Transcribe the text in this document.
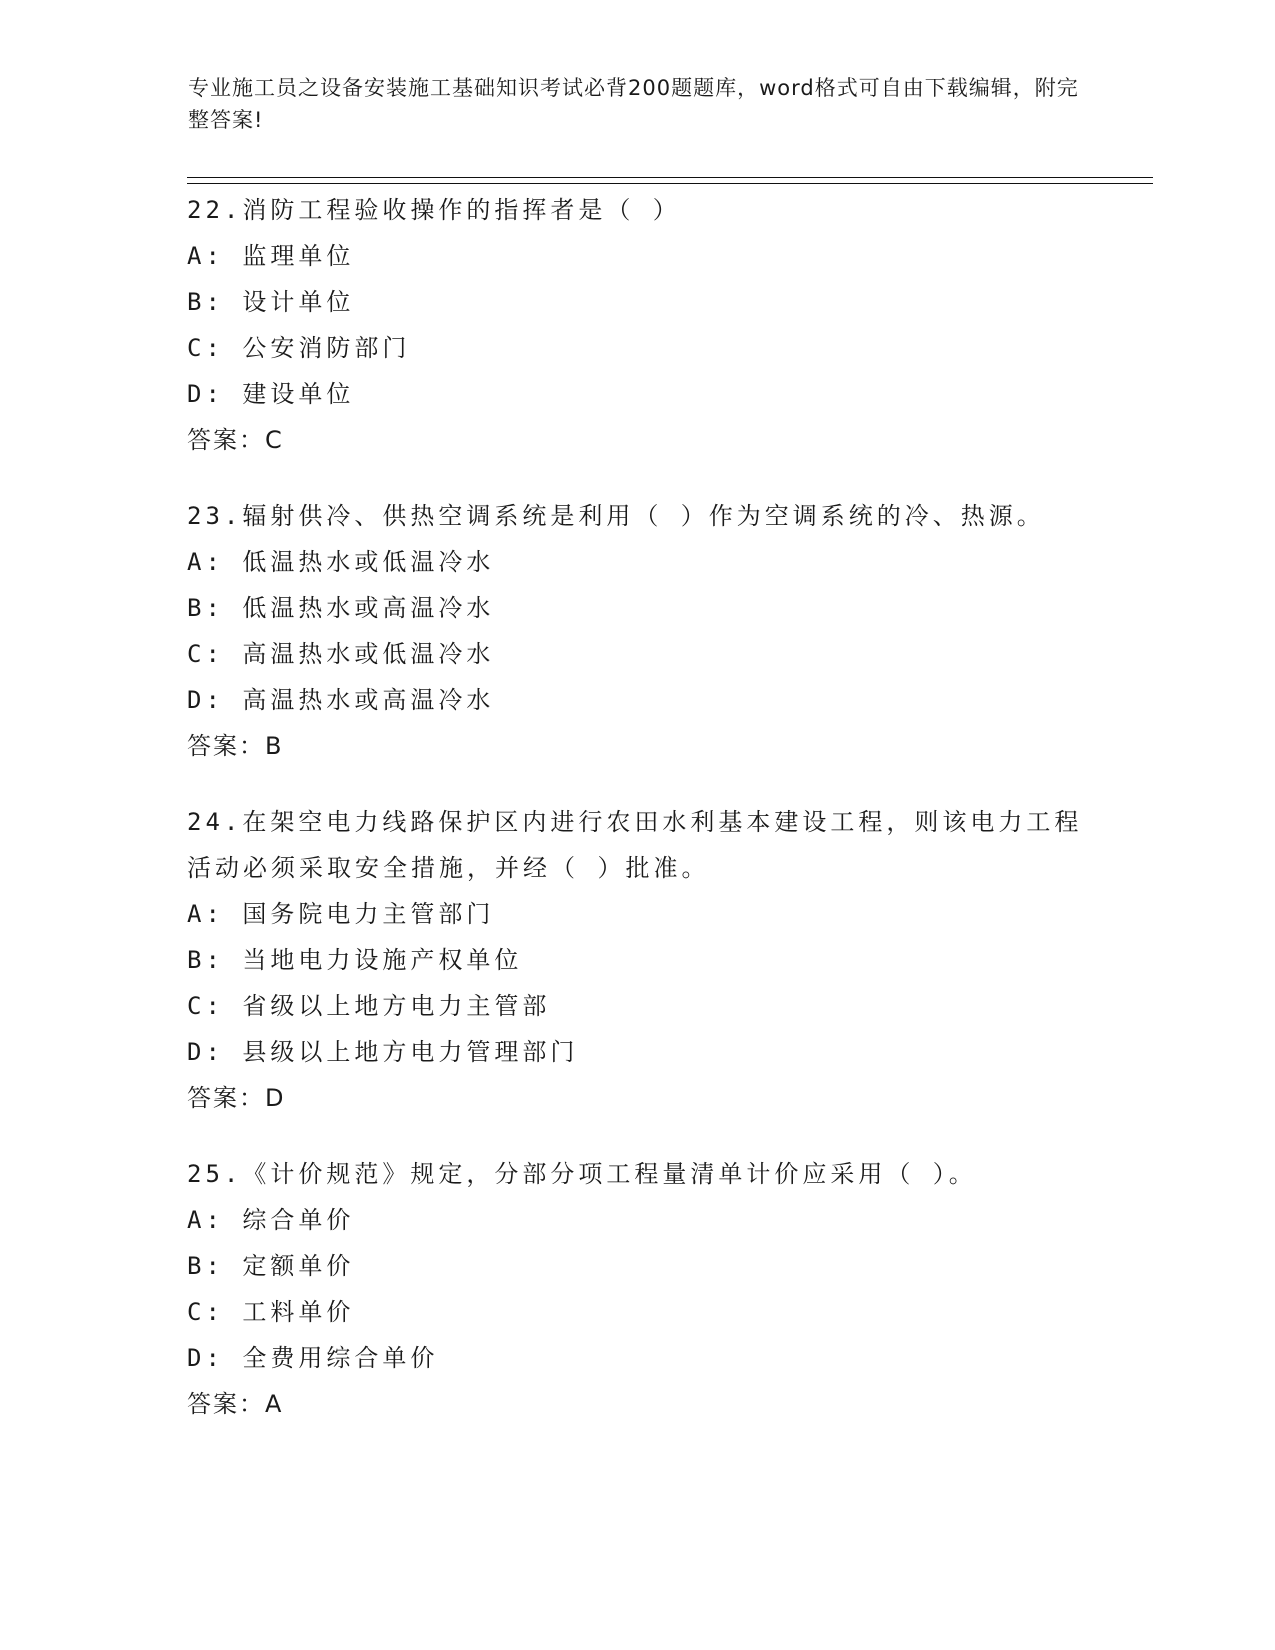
专业施工员之设备安装施工基础知识考试必背200题题库，word格式可自由下载编辑，附完整答案!
22.消防工程验收操作的指挥者是（ ）
A: 监理单位
B: 设计单位
C: 公安消防部门
D: 建设单位
答案：C
23.辐射供冷、供热空调系统是利用（ ）作为空调系统的冷、热源。
A: 低温热水或低温冷水
B: 低温热水或高温冷水
C: 高温热水或低温冷水
D: 高温热水或高温冷水
答案：B
24.在架空电力线路保护区内进行农田水利基本建设工程，则该电力工程活动必须采取安全措施，并经（ ）批准。
A: 国务院电力主管部门
B: 当地电力设施产权单位
C: 省级以上地方电力主管部
D: 县级以上地方电力管理部门
答案：D
25.《计价规范》规定，分部分项工程量清单计价应采用（ ）。
A: 综合单价
B: 定额单价
C: 工料单价
D: 全费用综合单价
答案：A
